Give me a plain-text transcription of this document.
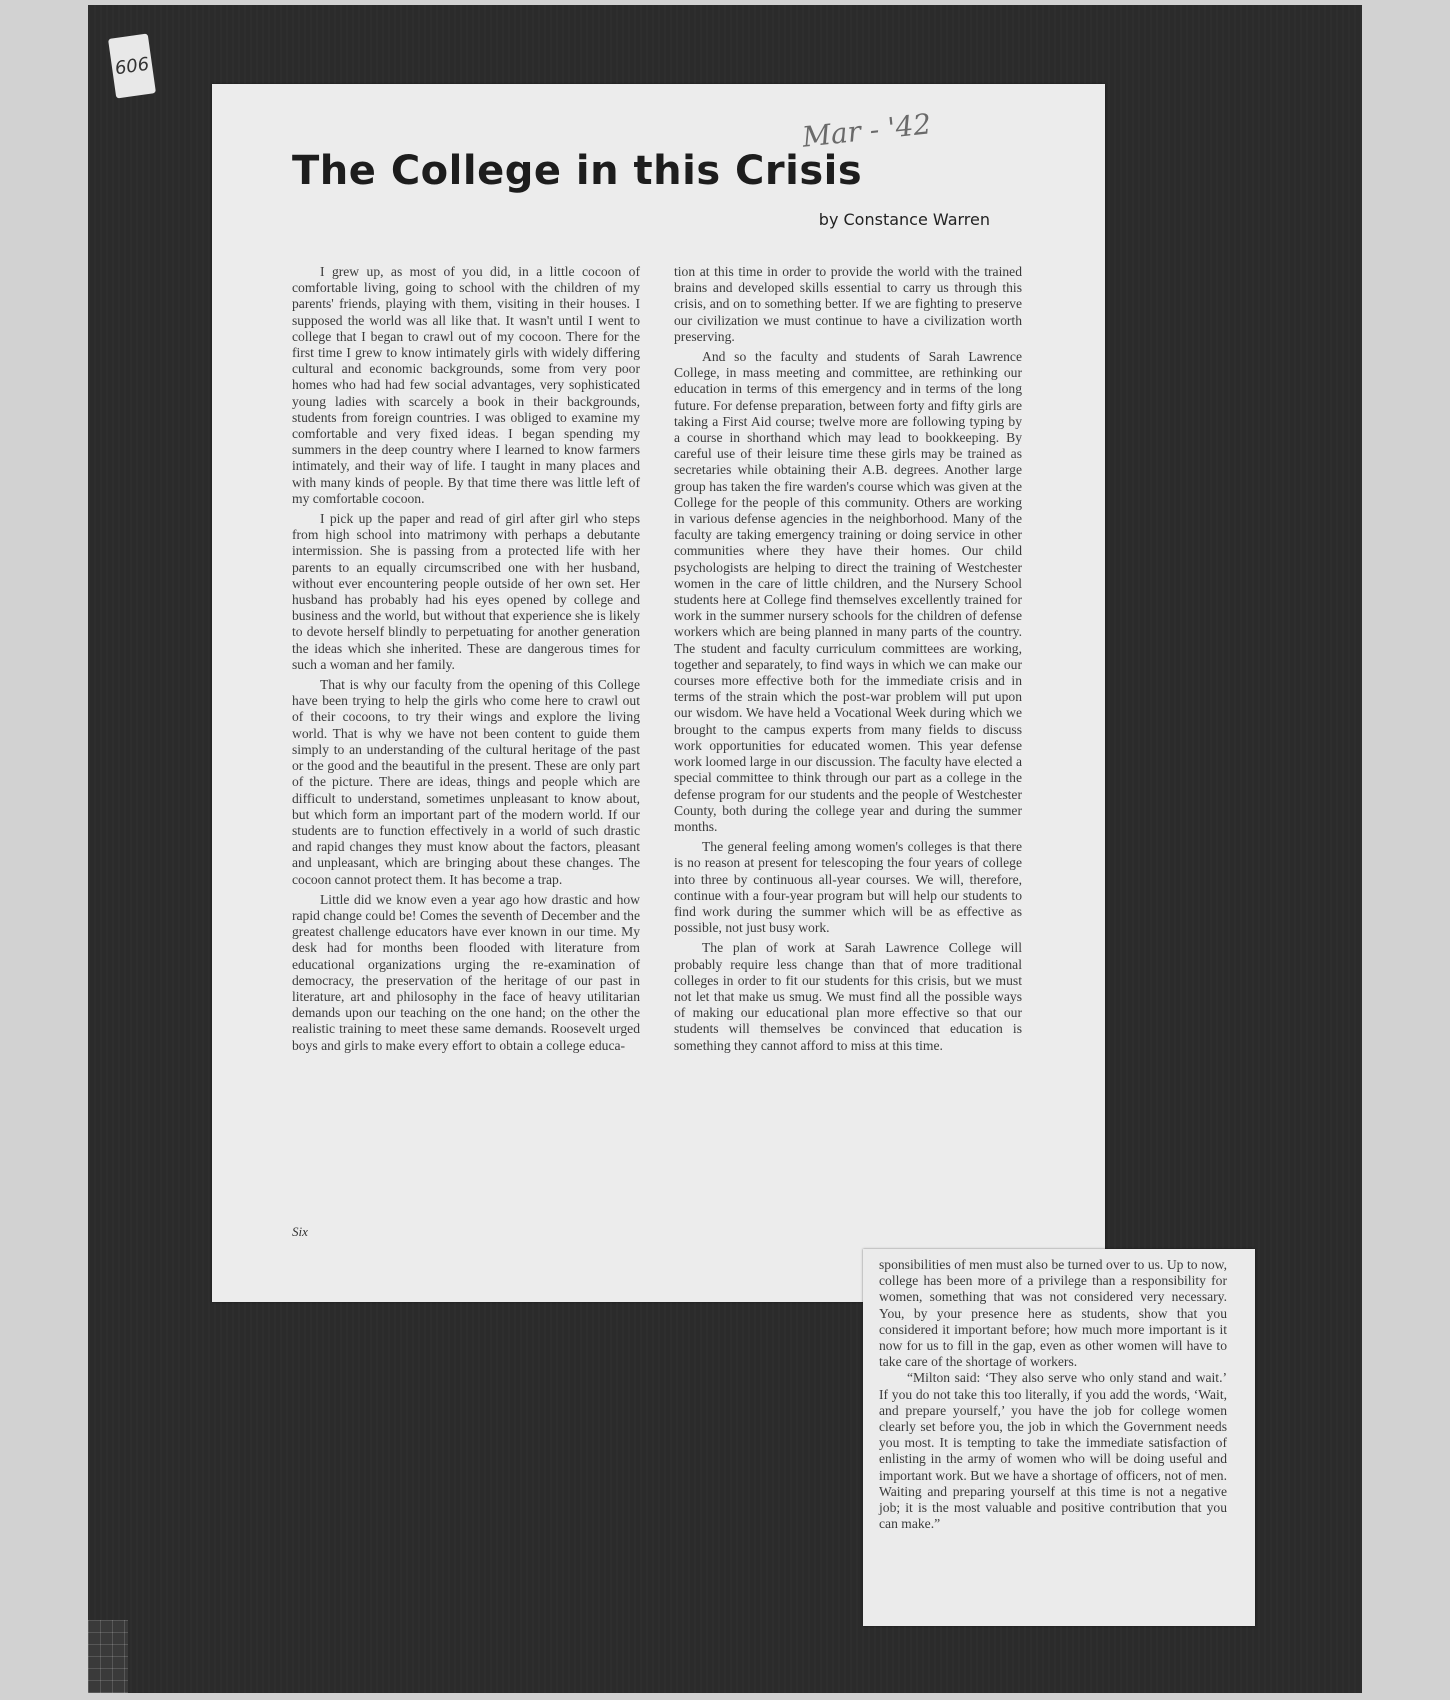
606
Mar - '42
The College in this Crisis
by Constance Warren

I grew up, as most of you did, in a little cocoon of comfortable living, going to school with the children of my parents' friends, playing with them, visiting in their houses. I supposed the world was all like that. It wasn't until I went to college that I began to crawl out of my cocoon. There for the first time I grew to know intimately girls with widely differing cultural and economic backgrounds, some from very poor homes who had had few social advantages, very sophisticated young ladies with scarcely a book in their backgrounds, students from foreign countries. I was obliged to examine my comfortable and very fixed ideas. I began spending my summers in the deep country where I learned to know farmers intimately, and their way of life. I taught in many places and with many kinds of people. By that time there was little left of my comfortable cocoon.

I pick up the paper and read of girl after girl who steps from high school into matrimony with perhaps a debutante intermission. She is passing from a protected life with her parents to an equally circumscribed one with her husband, without ever encountering people outside of her own set. Her husband has probably had his eyes opened by college and business and the world, but without that experience she is likely to devote herself blindly to perpetuating for another generation the ideas which she inherited. These are dangerous times for such a woman and her family.

That is why our faculty from the opening of this College have been trying to help the girls who come here to crawl out of their cocoons, to try their wings and explore the living world. That is why we have not been content to guide them simply to an understanding of the cultural heritage of the past or the good and the beautiful in the present. These are only part of the picture. There are ideas, things and people which are difficult to understand, sometimes unpleasant to know about, but which form an important part of the modern world. If our students are to function effectively in a world of such drastic and rapid changes they must know about the factors, pleasant and unpleasant, which are bringing about these changes. The cocoon cannot protect them. It has become a trap.

Little did we know even a year ago how drastic and how rapid change could be! Comes the seventh of December and the greatest challenge educators have ever known in our time. My desk had for months been flooded with literature from educational organizations urging the re-examination of democracy, the preservation of the heritage of our past in literature, art and philosophy in the face of heavy utilitarian demands upon our teaching on the one hand; on the other the realistic training to meet these same demands. Roosevelt urged boys and girls to make every effort to obtain a college educa-

tion at this time in order to provide the world with the trained brains and developed skills essential to carry us through this crisis, and on to something better. If we are fighting to preserve our civilization we must continue to have a civilization worth preserving.

And so the faculty and students of Sarah Lawrence College, in mass meeting and committee, are rethinking our education in terms of this emergency and in terms of the long future. For defense preparation, between forty and fifty girls are taking a First Aid course; twelve more are following typing by a course in shorthand which may lead to bookkeeping. By careful use of their leisure time these girls may be trained as secretaries while obtaining their A.B. degrees. Another large group has taken the fire warden's course which was given at the College for the people of this community. Others are working in various defense agencies in the neighborhood. Many of the faculty are taking emergency training or doing service in other communities where they have their homes. Our child psychologists are helping to direct the training of Westchester women in the care of little children, and the Nursery School students here at College find themselves excellently trained for work in the summer nursery schools for the children of defense workers which are being planned in many parts of the country. The student and faculty curriculum committees are working, together and separately, to find ways in which we can make our courses more effective both for the immediate crisis and in terms of the strain which the post-war problem will put upon our wisdom. We have held a Vocational Week during which we brought to the campus experts from many fields to discuss work opportunities for educated women. This year defense work loomed large in our discussion. The faculty have elected a special committee to think through our part as a college in the defense program for our students and the people of Westchester County, both during the college year and during the summer months.

The general feeling among women's colleges is that there is no reason at present for telescoping the four years of college into three by continuous all-year courses. We will, therefore, continue with a four-year program but will help our students to find work during the summer which will be as effective as possible, not just busy work.

The plan of work at Sarah Lawrence College will probably require less change than that of more traditional colleges in order to fit our students for this crisis, but we must not let that make us smug. We must find all the possible ways of making our educational plan more effective so that our students will themselves be convinced that education is something they cannot afford to miss at this time.

Six

sponsibilities of men must also be turned over to us. Up to now, college has been more of a privilege than a responsibility for women, something that was not considered very necessary. You, by your presence here as students, show that you considered it important before; how much more important is it now for us to fill in the gap, even as other women will have to take care of the shortage of workers.

“Milton said: ‘They also serve who only stand and wait.’ If you do not take this too literally, if you add the words, ‘Wait, and prepare yourself,’ you have the job for college women clearly set before you, the job in which the Government needs you most. It is tempting to take the immediate satisfaction of enlisting in the army of women who will be doing useful and important work. But we have a shortage of officers, not of men. Waiting and preparing yourself at this time is not a negative job; it is the most valuable and positive contribution that you can make.”
